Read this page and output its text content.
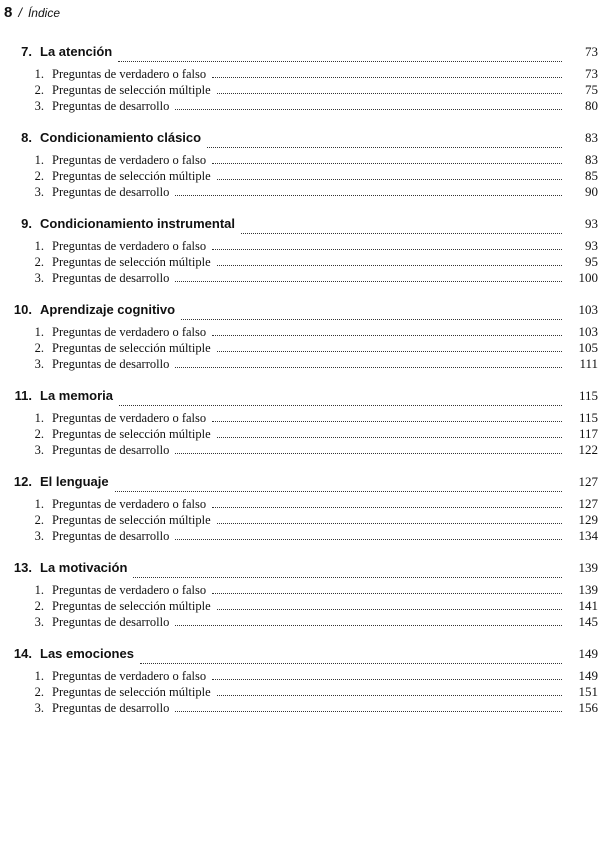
8 / Índice
7. La atención	73
1. Preguntas de verdadero o falso	73
2. Preguntas de selección múltiple	75
3. Preguntas de desarrollo	80
8. Condicionamiento clásico	83
1. Preguntas de verdadero o falso	83
2. Preguntas de selección múltiple	85
3. Preguntas de desarrollo	90
9. Condicionamiento instrumental	93
1. Preguntas de verdadero o falso	93
2. Preguntas de selección múltiple	95
3. Preguntas de desarrollo	100
10. Aprendizaje cognitivo	103
1. Preguntas de verdadero o falso	103
2. Preguntas de selección múltiple	105
3. Preguntas de desarrollo	111
11. La memoria	115
1. Preguntas de verdadero o falso	115
2. Preguntas de selección múltiple	117
3. Preguntas de desarrollo	122
12. El lenguaje	127
1. Preguntas de verdadero o falso	127
2. Preguntas de selección múltiple	129
3. Preguntas de desarrollo	134
13. La motivación	139
1. Preguntas de verdadero o falso	139
2. Preguntas de selección múltiple	141
3. Preguntas de desarrollo	145
14. Las emociones	149
1. Preguntas de verdadero o falso	149
2. Preguntas de selección múltiple	151
3. Preguntas de desarrollo	156
